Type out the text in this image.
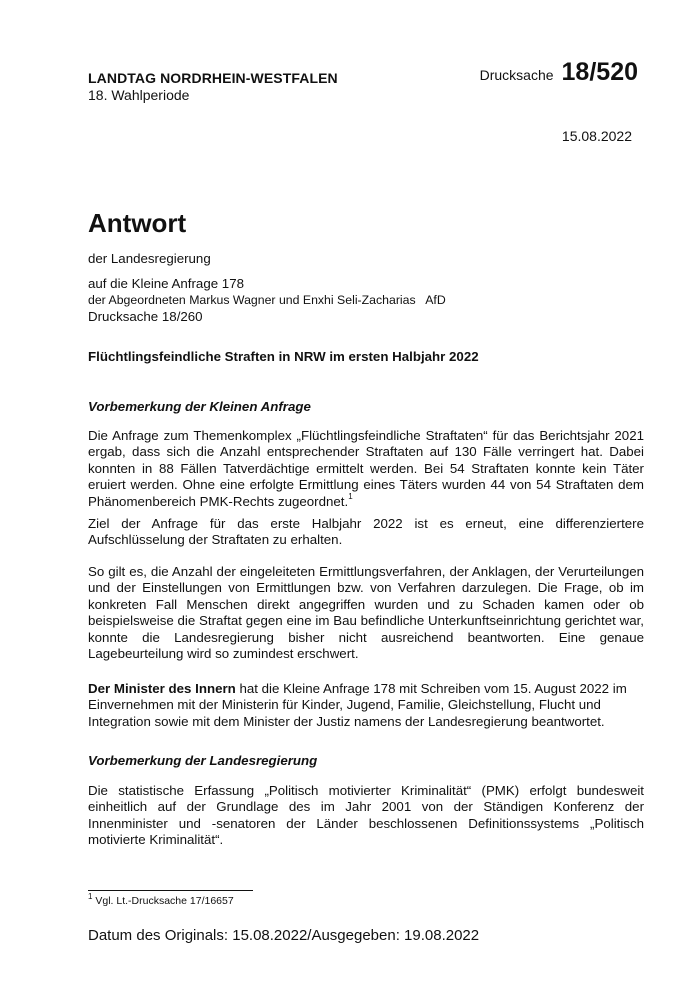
LANDTAG NORDRHEIN-WESTFALEN
18. Wahlperiode
Drucksache 18/520
15.08.2022
Antwort
der Landesregierung
auf die Kleine Anfrage 178
der Abgeordneten Markus Wagner und Enxhi Seli-Zacharias   AfD
Drucksache 18/260
Flüchtlingsfeindliche Straften in NRW im ersten Halbjahr 2022
Vorbemerkung der Kleinen Anfrage
Die Anfrage zum Themenkomplex „Flüchtlingsfeindliche Straftaten“ für das Berichtsjahr 2021 ergab, dass sich die Anzahl entsprechender Straftaten auf 130 Fälle verringert hat. Dabei konnten in 88 Fällen Tatverdächtige ermittelt werden. Bei 54 Straftaten konnte kein Täter eruiert werden. Ohne eine erfolgte Ermittlung eines Täters wurden 44 von 54 Straftaten dem Phänomenbereich PMK-Rechts zugeordnet.$^1$
Ziel der Anfrage für das erste Halbjahr 2022 ist es erneut, eine differenziertere Aufschlüsselung der Straftaten zu erhalten.
So gilt es, die Anzahl der eingeleiteten Ermittlungsverfahren, der Anklagen, der Verurteilungen und der Einstellungen von Ermittlungen bzw. von Verfahren darzulegen. Die Frage, ob im konkreten Fall Menschen direkt angegriffen wurden und zu Schaden kamen oder ob beispielsweise die Straftat gegen eine im Bau befindliche Unterkunftseinrichtung gerichtet war, konnte die Landesregierung bisher nicht ausreichend beantworten. Eine genaue Lagebeurteilung wird so zumindest erschwert.
Der Minister des Innern hat die Kleine Anfrage 178 mit Schreiben vom 15. August 2022 im Einvernehmen mit der Ministerin für Kinder, Jugend, Familie, Gleichstellung, Flucht und Integration sowie mit dem Minister der Justiz namens der Landesregierung beantwortet.
Vorbemerkung der Landesregierung
Die statistische Erfassung „Politisch motivierter Kriminalität“ (PMK) erfolgt bundesweit einheitlich auf der Grundlage des im Jahr 2001 von der Ständigen Konferenz der Innenminister und -senatoren der Länder beschlossenen Definitionssystems „Politisch motivierte Kriminalität“.
$^1$ Vgl. Lt.-Drucksache 17/16657
Datum des Originals: 15.08.2022/Ausgegeben: 19.08.2022
